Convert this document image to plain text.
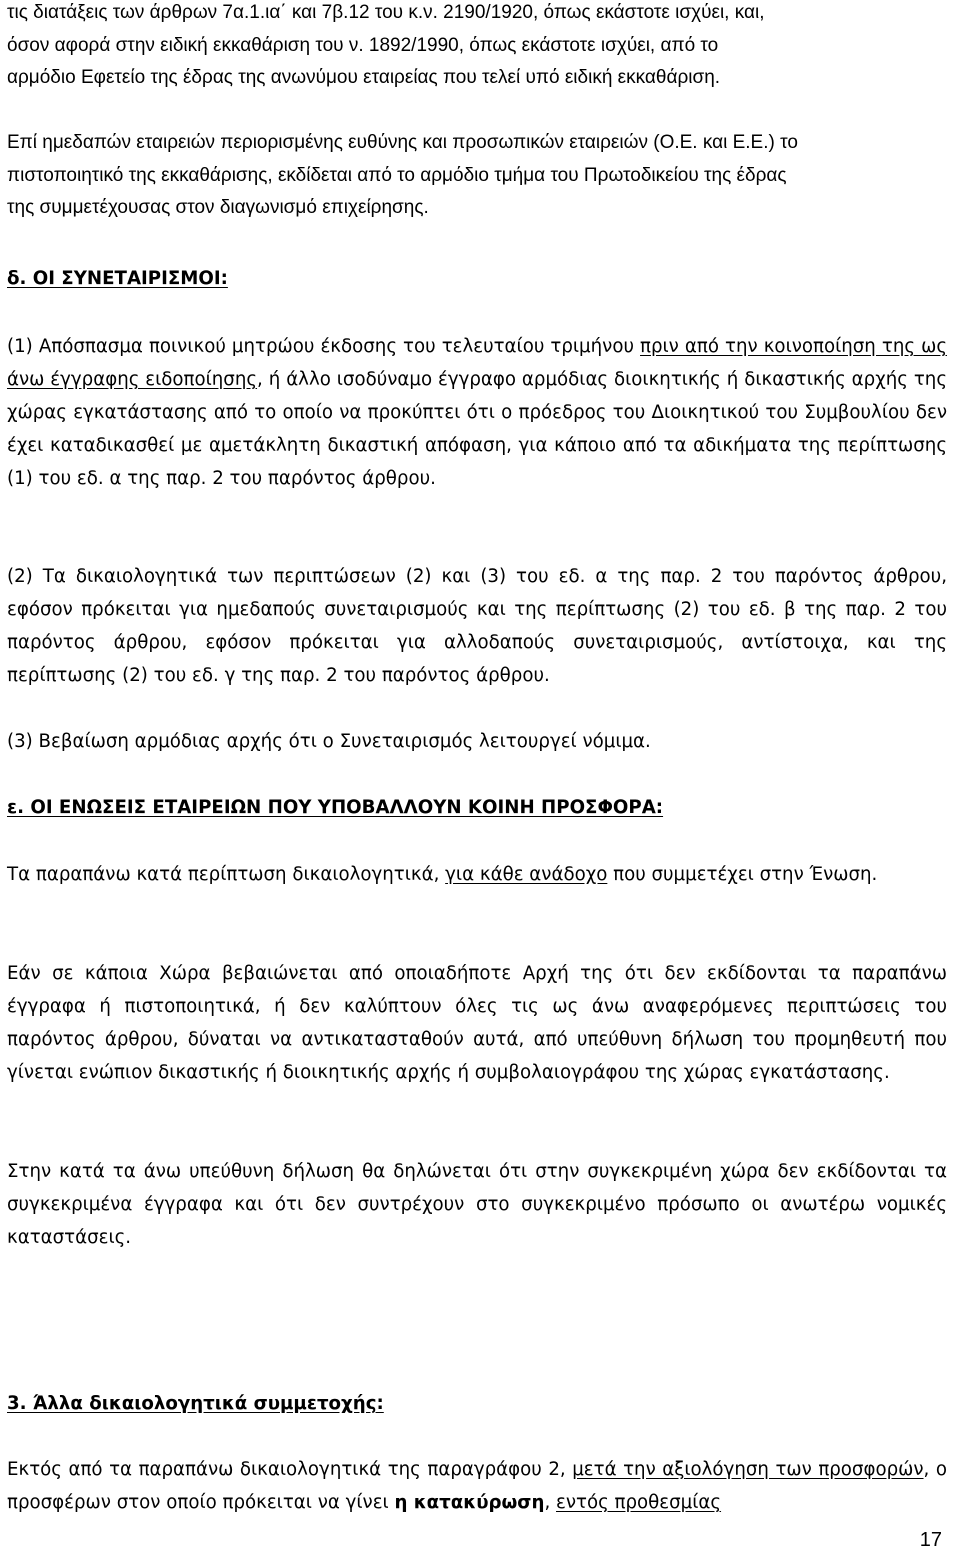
τις διατάξεις των άρθρων 7α.1.ια΄ και 7β.12 του κ.ν. 2190/1920, όπως εκάστοτε ισχύει, και,
όσον αφορά στην ειδική εκκαθάριση του ν. 1892/1990, όπως εκάστοτε ισχύει, από το
αρμόδιο Εφετείο της έδρας της ανωνύμου εταιρείας που τελεί υπό ειδική εκκαθάριση.
Επί ημεδαπών εταιρειών περιορισμένης ευθύνης και προσωπικών εταιρειών (Ο.Ε. και Ε.Ε.) το
πιστοποιητικό της εκκαθάρισης, εκδίδεται από το αρμόδιο τμήμα του Πρωτοδικείου της έδρας
της συμμετέχουσας στον διαγωνισμό επιχείρησης.
δ. ΟΙ ΣΥΝΕΤΑΙΡΙΣΜΟΙ:
(1) Απόσπασμα ποινικού μητρώου έκδοσης του τελευταίου τριμήνου πριν από την κοινοποίηση της ως άνω έγγραφης ειδοποίησης, ή άλλο ισοδύναμο έγγραφο αρμόδιας διοικητικής ή δικαστικής αρχής της χώρας εγκατάστασης από το οποίο να προκύπτει ότι ο πρόεδρος του Διοικητικού του Συμβουλίου δεν έχει καταδικασθεί με αμετάκλητη δικαστική απόφαση, για κάποιο από τα αδικήματα της περίπτωσης (1) του εδ. α της παρ. 2 του παρόντος άρθρου.
(2) Τα δικαιολογητικά των περιπτώσεων (2) και (3) του εδ. α της παρ. 2 του παρόντος άρθρου, εφόσον πρόκειται για ημεδαπούς συνεταιρισμούς και της περίπτωσης (2) του εδ. β της παρ. 2 του παρόντος άρθρου, εφόσον πρόκειται για αλλοδαπούς συνεταιρισμούς, αντίστοιχα, και της περίπτωσης (2) του εδ. γ της παρ. 2 του παρόντος άρθρου.
(3) Βεβαίωση αρμόδιας αρχής ότι ο Συνεταιρισμός λειτουργεί νόμιμα.
ε. ΟΙ ΕΝΩΣΕΙΣ ΕΤΑΙΡΕΙΩΝ ΠΟΥ ΥΠΟΒΑΛΛΟΥΝ ΚΟΙΝΗ ΠΡΟΣΦΟΡΑ:
Τα παραπάνω κατά περίπτωση δικαιολογητικά, για κάθε ανάδοχο που συμμετέχει στην Ένωση.
Εάν σε κάποια Χώρα βεβαιώνεται από οποιαδήποτε Αρχή της ότι δεν εκδίδονται τα παραπάνω έγγραφα ή πιστοποιητικά, ή δεν καλύπτουν όλες τις ως άνω αναφερόμενες περιπτώσεις του παρόντος άρθρου, δύναται να αντικατασταθούν αυτά, από υπεύθυνη δήλωση του προμηθευτή που γίνεται ενώπιον δικαστικής ή διοικητικής αρχής ή συμβολαιογράφου της χώρας εγκατάστασης.
Στην κατά τα άνω υπεύθυνη δήλωση θα δηλώνεται ότι στην συγκεκριμένη χώρα δεν εκδίδονται τα συγκεκριμένα έγγραφα και ότι δεν συντρέχουν στο συγκεκριμένο πρόσωπο οι ανωτέρω νομικές καταστάσεις.
3. Άλλα δικαιολογητικά συμμετοχής:
Εκτός από τα παραπάνω δικαιολογητικά της παραγράφου 2, μετά την αξιολόγηση των προσφορών, ο προσφέρων στον οποίο πρόκειται να γίνει η κατακύρωση, εντός προθεσμίας
17
